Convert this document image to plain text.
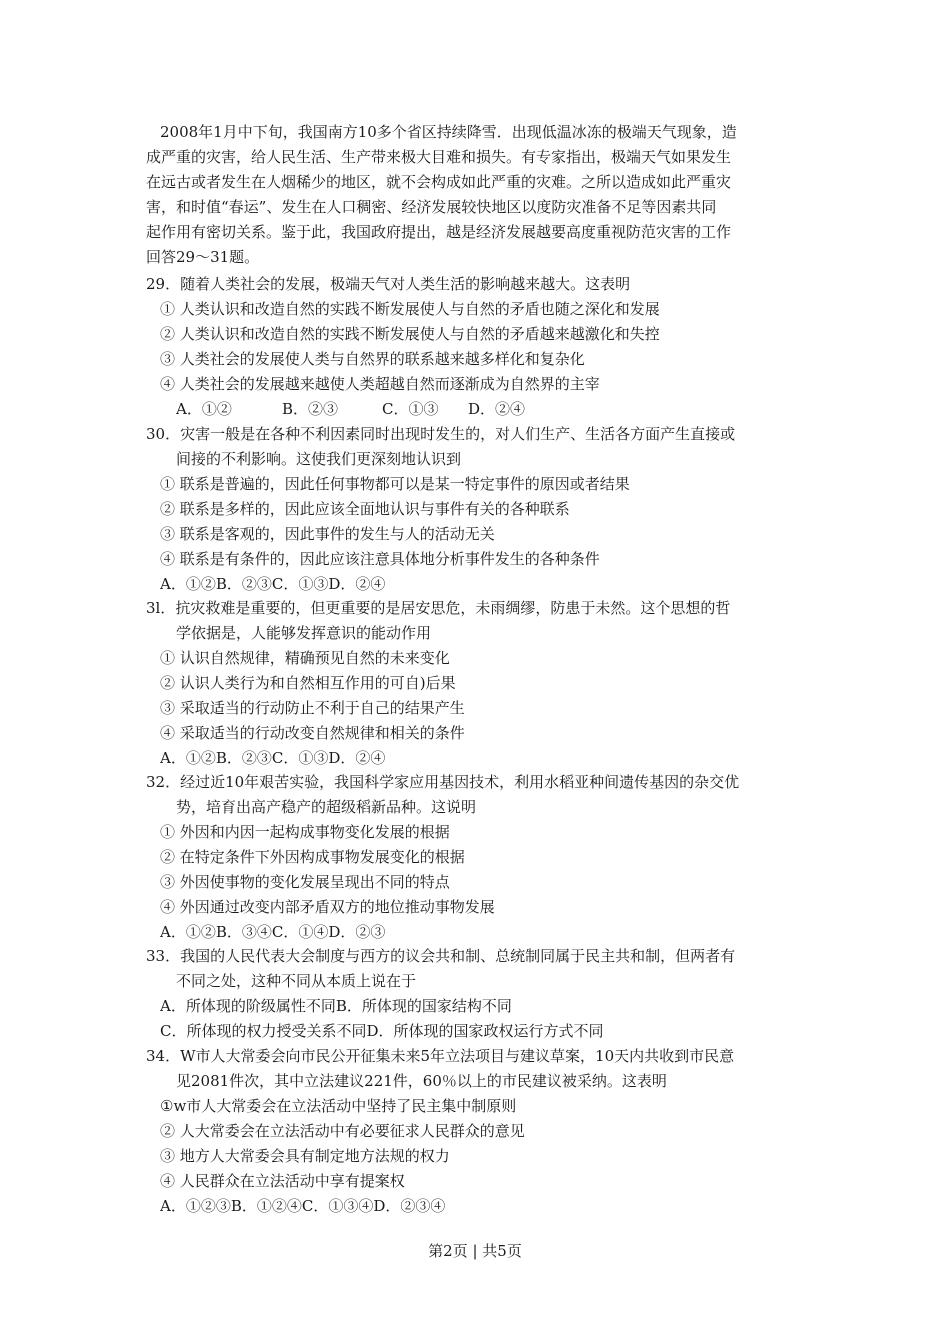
2008年1月中下旬，我国南方10多个省区持续降雪．出现低温冰冻的极端天气现象，造
成严重的灾害，给人民生活、生产带来极大目难和损失。有专家指出，极端天气如果发生
在远古或者发生在人烟稀少的地区，就不会构成如此严重的灾难。之所以造成如此严重灾
害，和时值“春运”、发生在人口稠密、经济发展较快地区以度防灾准备不足等因素共同
起作用有密切关系。鉴于此，我国政府提出，越是经济发展越要高度重视防范灾害的工作
回答29～31题。
29．随着人类社会的发展，极端天气对人类生活的影响越来越大。这表明
① 人类认识和改造自然的实践不断发展使人与自然的矛盾也随之深化和发展
② 人类认识和改造自然的实践不断发展使人与自然的矛盾越来越激化和失控
③ 人类社会的发展使人类与自然界的联系越来越多样化和复杂化
④ 人类社会的发展越来越使人类超越自然而逐渐成为自然界的主宰
A．①②	B．②③	C．①③ D．②④
30．灾害一般是在各种不利因素同时出现时发生的，对人们生产、生活各方面产生直接或
间接的不利影响。这使我们更深刻地认识到
① 联系是普遍的，因此任何事物都可以是某一特定事件的原因或者结果
② 联系是多样的，因此应该全面地认识与事件有关的各种联系
③ 联系是客观的，因此事件的发生与人的活动无关
④ 联系是有条件的，因此应该注意具体地分析事件发生的各种条件
A．①②B．②③C．①③D．②④
3l．抗灾救难是重要的，但更重要的是居安思危，未雨绸缪，防患于未然。这个思想的哲
学依据是，人能够发挥意识的能动作用
① 认识自然规律，精确预见自然的未来变化
② 认识人类行为和自然相互作用的可自)后果
③ 采取适当的行动防止不利于自己的结果产生
④ 采取适当的行动改变自然规律和相关的条件
A．①②B．②③C．①③D．②④
32．经过近10年艰苦实验，我国科学家应用基因技术，利用水稻亚种间遗传基因的杂交优
势，培育出高产稳产的超级稻新品种。这说明
① 外因和内因一起构成事物变化发展的根据
② 在特定条件下外因构成事物发展变化的根据
③ 外因使事物的变化发展呈现出不同的特点
④ 外因通过改变内部矛盾双方的地位推动事物发展
A．①②B．③④C．①④D．②③
33．我国的人民代表大会制度与西方的议会共和制、总统制同属于民主共和制，但两者有
不同之处，这种不同从本质上说在于
A．所体现的阶级属性不同B．所体现的国家结构不同
C．所体现的权力授受关系不同D．所体现的国家政权运行方式不同
34．W市人大常委会向市民公开征集未来5年立法项目与建议草案，10天内共收到市民意
见2081件次，其中立法建议221件，60％以上的市民建议被采纳。这表明
①w市人大常委会在立法活动中坚持了民主集中制原则
② 人大常委会在立法活动中有必要征求人民群众的意见
③ 地方人大常委会具有制定地方法规的权力
④ 人民群众在立法活动中享有提案权
A．①②③B．①②④C．①③④D．②③④
第2页 | 共5页
